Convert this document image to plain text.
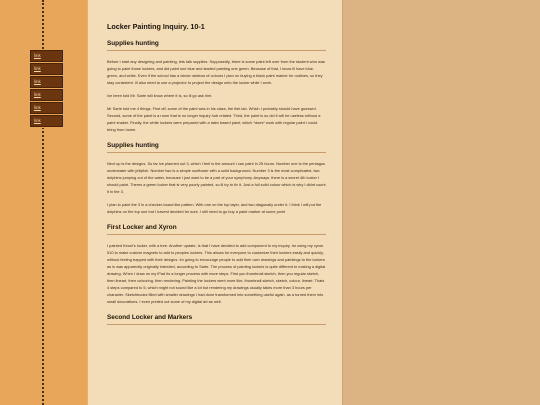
link
link
link
link
link
link
Locker Painting Inquiry. 10-1
Supplies hunting

Before I start any designing and painting, lets talk supplies. Supposedly, there is some paint left over from the student who was going to paint those lockers, and did paint one blue and started painting one green. Because of that, I know ill have blue, green, and white. Even if the school has a whole rainbow of colours I plan on buying a black paint marker for outlines, so they stay consistent. Ill also need to use a projector to project the design onto the locker while I work.

Ive been told Mr. Sarte will know where it is, so ill go ask him.

Mr Sarte told me 4 things. First off, some of the paint was in his class, the fish lab. Which I probably should have guessed. Second, some of the paint is a room that is no longer inquiry hub related. Third, the paint is so old it will be useless without a paint shaker. Finally, the white lockers were prepared with a latex based paint, which *does* work with regular paint I could bring from home.

Supplies hunting

Next up is the designs. So far ive planned out 3, which I feel is the amount I can paint in 25 hours. Number one is the pentagus underwater with jellyfish. Number two is a simple sunflower with a solid background. Number 3 is the most complicated, two dolphins jumping out of the water, because I just want to be a part of your symphony. Anyways, there is a secret 4th locker I should paint. Theres a green locker that is very poorly painted, so ill try to fix it. Just a full solid colour which is why I didnt count it in the 3.

I plan to paint the 3 in a checker-board like pattern. With one on the top layer, and two diagonally under it. I think I will put the dolphins on the top one but I havent decided for sure. I still need to go buy a paint marker at some point

First Locker and Xyron

I painted Keoni's locker, with a tree. Another update, is that I have decided to add component to my inquiry. Im using my xyron 510 to make custom magnets to add to peoples lockers. This allows for everyone to customize their lockers easily and quickly, without feeling trapped with their designs. Im going to encourage people to add their own drawings and paintings to the lockers as is was apparently originally intended, according to Sarte. The process of painting lockers is quite different to making a digital drawing. When I draw on my iPad its a longer process with more steps. First you thumbnail sketch, then you regular sketch, then lineart, then colouring, then rendering. Painting the lockers went more like, thumbnail sketch, sketch, colour, lineart. Thats 4 steps compared to 5, which might not sound like a lot but rendering my drawings usually takes more than 3 hours per character. Sketchbooks filled with smaller drawings I had done transformed into something useful again, as a turned them into small decorations. I even printed out some of my digital art as well.

Second Locker and Markers
